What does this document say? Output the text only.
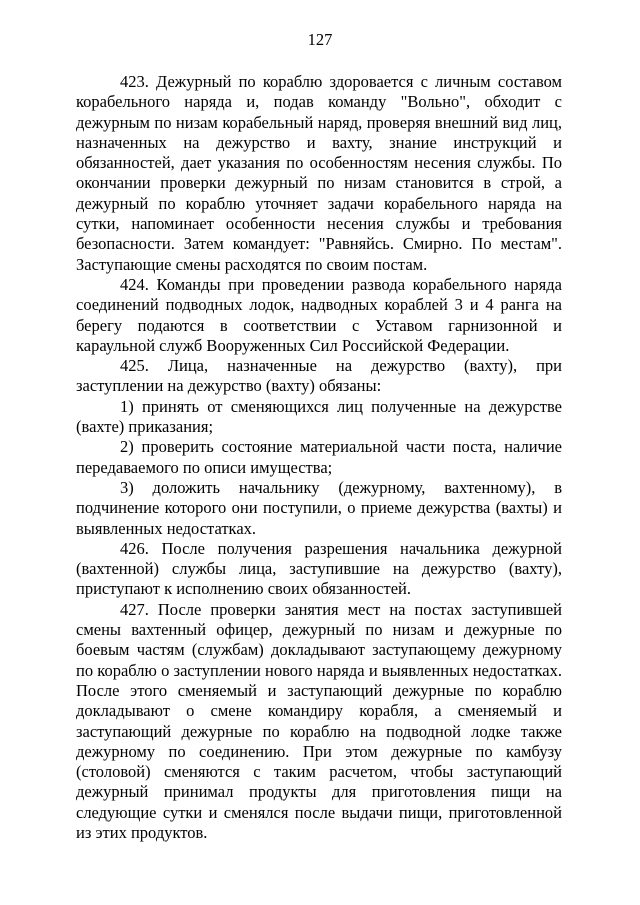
127

423. Дежурный по кораблю здоровается с личным составом корабельного наряда и, подав команду "Вольно", обходит с дежурным по низам корабельный наряд, проверяя внешний вид лиц, назначенных на дежурство и вахту, знание инструкций и обязанностей, дает указания по особенностям несения службы. По окончании проверки дежурный по низам становится в строй, а дежурный по кораблю уточняет задачи корабельного наряда на сутки, напоминает особенности несения службы и требования безопасности. Затем командует: "Равняйсь. Смирно. По местам". Заступающие смены расходятся по своим постам.

424. Команды при проведении развода корабельного наряда соединений подводных лодок, надводных кораблей 3 и 4 ранга на берегу подаются в соответствии с Уставом гарнизонной и караульной служб Вооруженных Сил Российской Федерации.

425. Лица, назначенные на дежурство (вахту), при заступлении на дежурство (вахту) обязаны:

1) принять от сменяющихся лиц полученные на дежурстве (вахте) приказания;

2) проверить состояние материальной части поста, наличие передаваемого по описи имущества;

3) доложить начальнику (дежурному, вахтенному), в подчинение которого они поступили, о приеме дежурства (вахты) и выявленных недостатках.

426. После получения разрешения начальника дежурной (вахтенной) службы лица, заступившие на дежурство (вахту), приступают к исполнению своих обязанностей.

427. После проверки занятия мест на постах заступившей смены вахтенный офицер, дежурный по низам и дежурные по боевым частям (службам) докладывают заступающему дежурному по кораблю о заступлении нового наряда и выявленных недостатках. После этого сменяемый и заступающий дежурные по кораблю докладывают о смене командиру корабля, а сменяемый и заступающий дежурные по кораблю на подводной лодке также дежурному по соединению. При этом дежурные по камбузу (столовой) сменяются с таким расчетом, чтобы заступающий дежурный принимал продукты для приготовления пищи на следующие сутки и сменялся после выдачи пищи, приготовленной из этих продуктов.
